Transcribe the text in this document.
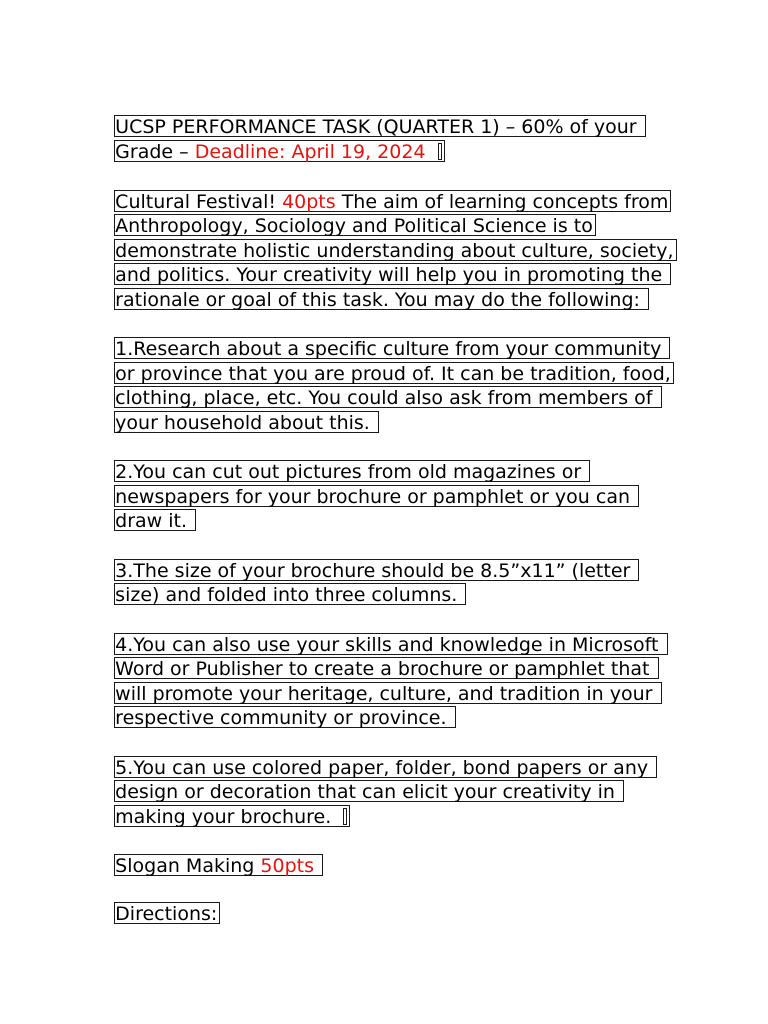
UCSP PERFORMANCE TASK (QUARTER 1) – 60% of your

Grade – Deadline: April 19, 2024

Cultural Festival! 40pts The aim of learning concepts from

Anthropology, Sociology and Political Science is to

demonstrate holistic understanding about culture, society,

and politics. Your creativity will help you in promoting the

rationale or goal of this task. You may do the following:

1.Research about a specific culture from your community

or province that you are proud of. It can be tradition, food,

clothing, place, etc. You could also ask from members of

your household about this.

2.You can cut out pictures from old magazines or

newspapers for your brochure or pamphlet or you can

draw it.

3.The size of your brochure should be 8.5”x11” (letter

size) and folded into three columns.

4.You can also use your skills and knowledge in Microsoft

Word or Publisher to create a brochure or pamphlet that

will promote your heritage, culture, and tradition in your

respective community or province.

5.You can use colored paper, folder, bond papers or any

design or decoration that can elicit your creativity in

making your brochure.

Slogan Making 50pts

Directions:
